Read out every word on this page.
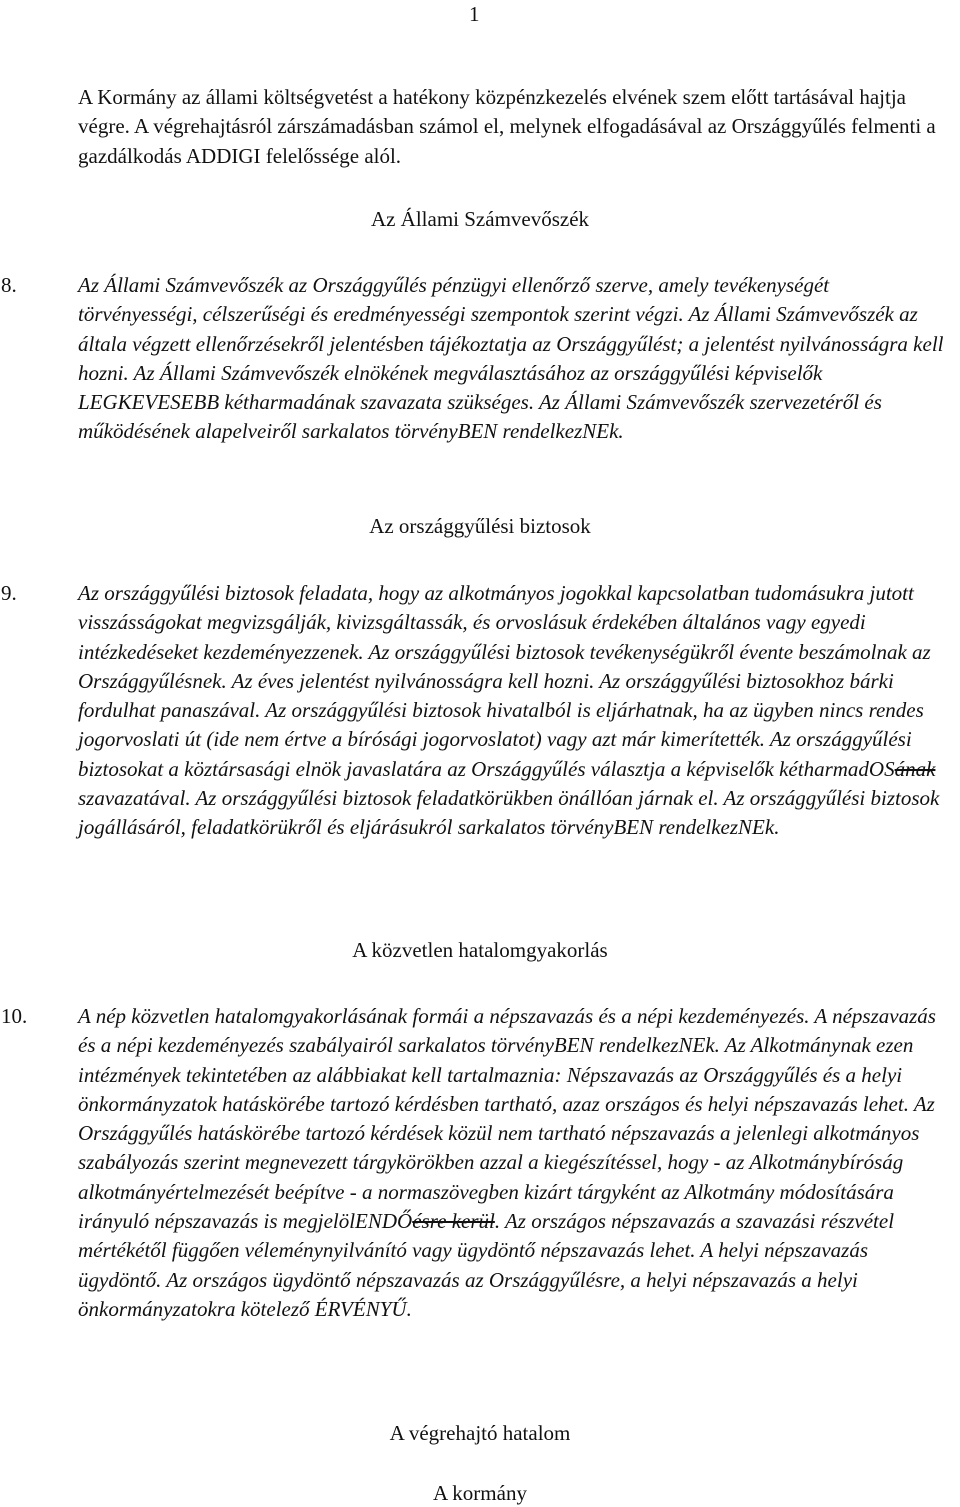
1

A Kormány az állami költségvetést a hatékony közpénzkezelés elvének szem előtt tartásával hajtja végre. A végrehajtásról zárszámadásban számol el, melynek elfogadásával az Országgyűlés felmenti a gazdálkodás ADDIGI felelőssége alól.

Az Állami Számvevőszék
8.	Az Állami Számvevőszék az Országgyűlés pénzügyi ellenőrző szerve, amely tevékenységét törvényességi, célszerűségi és eredményességi szempontok szerint végzi. Az Állami Számvevőszék az általa végzett ellenőrzésekről jelentésben tájékoztatja az Országgyűlést; a jelentést nyilvánosságra kell hozni. Az Állami Számvevőszék elnökének megválasztásához az országgyűlési képviselők LEGKEVESEBB kétharmadának szavazata szükséges. Az Állami Számvevőszék szervezetéről és működésének alapelveiről sarkalatos törvényBEN rendelkezNEk.

Az országgyűlési biztosok
9.	Az országgyűlési biztosok feladata, hogy az alkotmányos jogokkal kapcsolatban tudomásukra jutott visszásságokat megvizsgálják, kivizsgáltassák, és orvoslásuk érdekében általános vagy egyedi intézkedéseket kezdeményezzenek. Az országgyűlési biztosok tevékenységükről évente beszámolnak az Országgyűlésnek. Az éves jelentést nyilvánosságra kell hozni. Az országgyűlési biztosokhoz bárki fordulhat panaszával. Az országgyűlési biztosok hivatalból is eljárhatnak, ha az ügyben nincs rendes jogorvoslati út (ide nem értve a bírósági jogorvoslatot) vagy azt már kimerítették. Az országgyűlési biztosokat a köztársasági elnök javaslatára az Országgyűlés választja a képviselők kétharmadOSának szavazatával. Az országgyűlési biztosok feladatkörükben önállóan járnak el. Az országgyűlési biztosok jogállásáról, feladatkörükről és eljárásukról sarkalatos törvényBEN rendelkezNEk.

A közvetlen hatalomgyakorlás
10. A nép közvetlen hatalomgyakorlásának formái a népszavazás és a népi kezdeményezés. A népszavazás és a népi kezdeményezés szabályairól sarkalatos törvényBEN rendelkezNEk. Az Alkotmánynak ezen intézmények tekintetében az alábbiakat kell tartalmaznia: Népszavazás az Országgyűlés és a helyi önkormányzatok hatáskörébe tartozó kérdésben tartható, azaz országos és helyi népszavazás lehet. Az Országgyűlés hatáskörébe tartozó kérdések közül nem tartható népszavazás a jelenlegi alkotmányos szabályozás szerint megnevezett tárgykörökben azzal a kiegészítéssel, hogy - az Alkotmánybíróság alkotmányértelmezését beépítve - a normaszövegben kizárt tárgyként az Alkotmány módosítására irányuló népszavazás is megjelölENDŐésre kerül. Az országos népszavazás a szavazási részvétel mértékétől függően véleménynyilvánító vagy ügydöntő népszavazás lehet. A helyi népszavazás ügydöntő. Az országos ügydöntő népszavazás az Országgyűlésre, a helyi népszavazás a helyi önkormányzatokra kötelező ÉRVÉNYŰ.

A végrehajtó hatalom
A kormány
